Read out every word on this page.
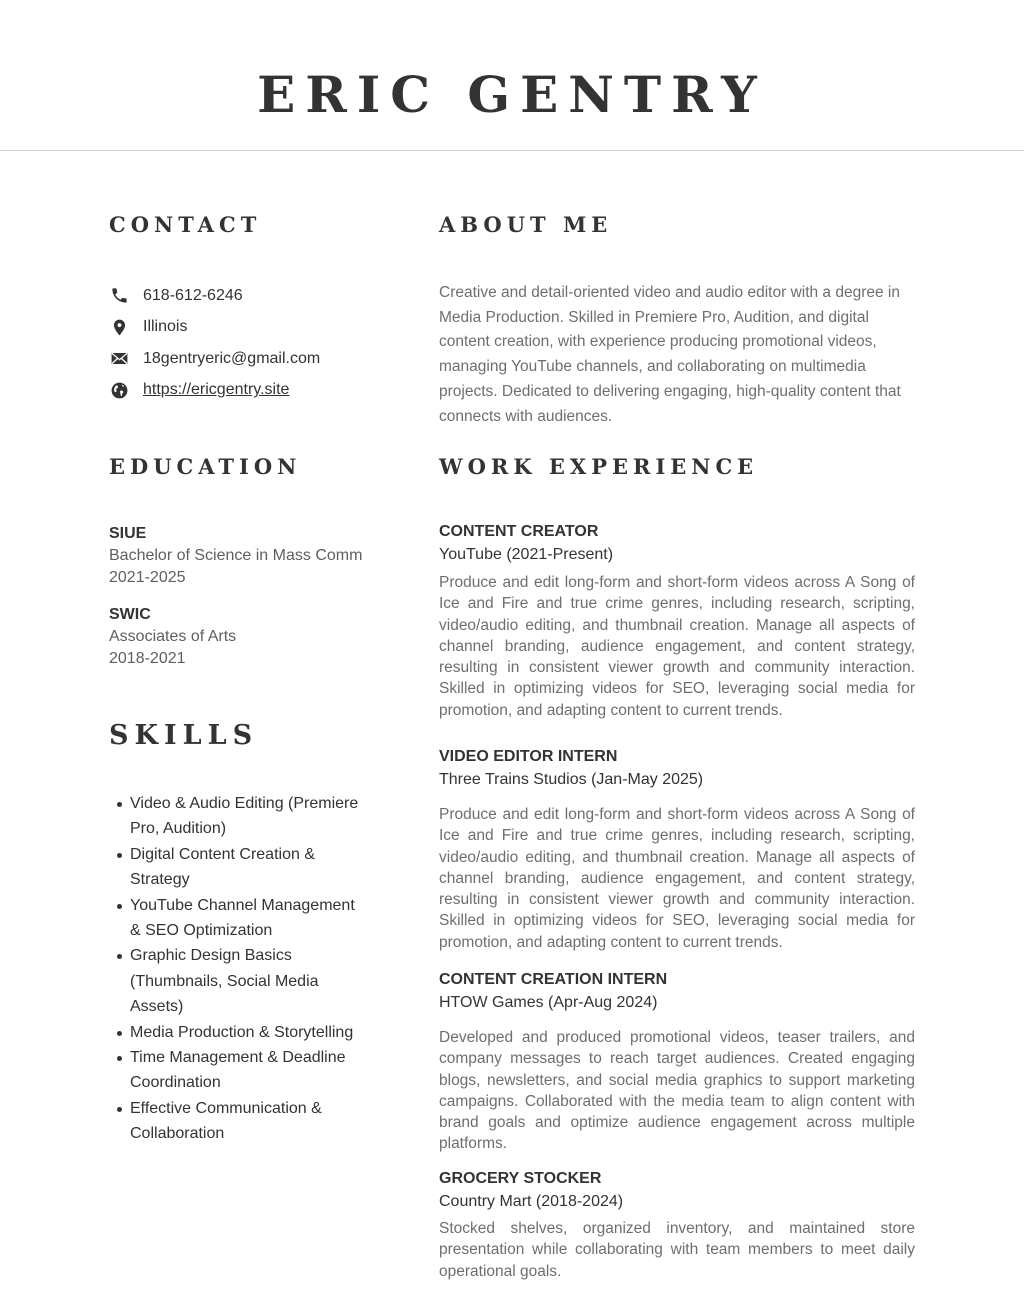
ERIC GENTRY
CONTACT	ABOUT ME
EDUCATION	WORK EXPERIENCE
SKILLS
618-612-6246
Illinois
18gentryeric@gmail.com
https://ericgentry.site
Creative and detail-oriented video and audio editor with a degree in Media Production. Skilled in Premiere Pro, Audition, and digital content creation, with experience producing promotional videos, managing YouTube channels, and collaborating on multimedia projects. Dedicated to delivering engaging, high-quality content that connects with audiences.
SIUE
Bachelor of Science in Mass Comm
2021-2025
SWIC
Associates of Arts
2018-2021
Video & Audio Editing (Premiere Pro, Audition)
Digital Content Creation & Strategy
YouTube Channel Management & SEO Optimization
Graphic Design Basics (Thumbnails, Social Media Assets)
Media Production & Storytelling
Time Management & Deadline Coordination
Effective Communication & Collaboration
CONTENT CREATOR
YouTube (2021-Present)
Produce and edit long-form and short-form videos across A Song of Ice and Fire and true crime genres, including research, scripting, video/audio editing, and thumbnail creation. Manage all aspects of channel branding, audience engagement, and content strategy, resulting in consistent viewer growth and community interaction. Skilled in optimizing videos for SEO, leveraging social media for promotion, and adapting content to current trends.
VIDEO EDITOR INTERN
Three Trains Studios (Jan-May 2025)
Produce and edit long-form and short-form videos across A Song of Ice and Fire and true crime genres, including research, scripting, video/audio editing, and thumbnail creation. Manage all aspects of channel branding, audience engagement, and content strategy, resulting in consistent viewer growth and community interaction. Skilled in optimizing videos for SEO, leveraging social media for promotion, and adapting content to current trends.
CONTENT CREATION INTERN
HTOW Games (Apr-Aug 2024)
Developed and produced promotional videos, teaser trailers, and company messages to reach target audiences. Created engaging blogs, newsletters, and social media graphics to support marketing campaigns. Collaborated with the media team to align content with brand goals and optimize audience engagement across multiple platforms.
GROCERY STOCKER
Country Mart (2018-2024)
Stocked shelves, organized inventory, and maintained store presentation while collaborating with team members to meet daily operational goals.
